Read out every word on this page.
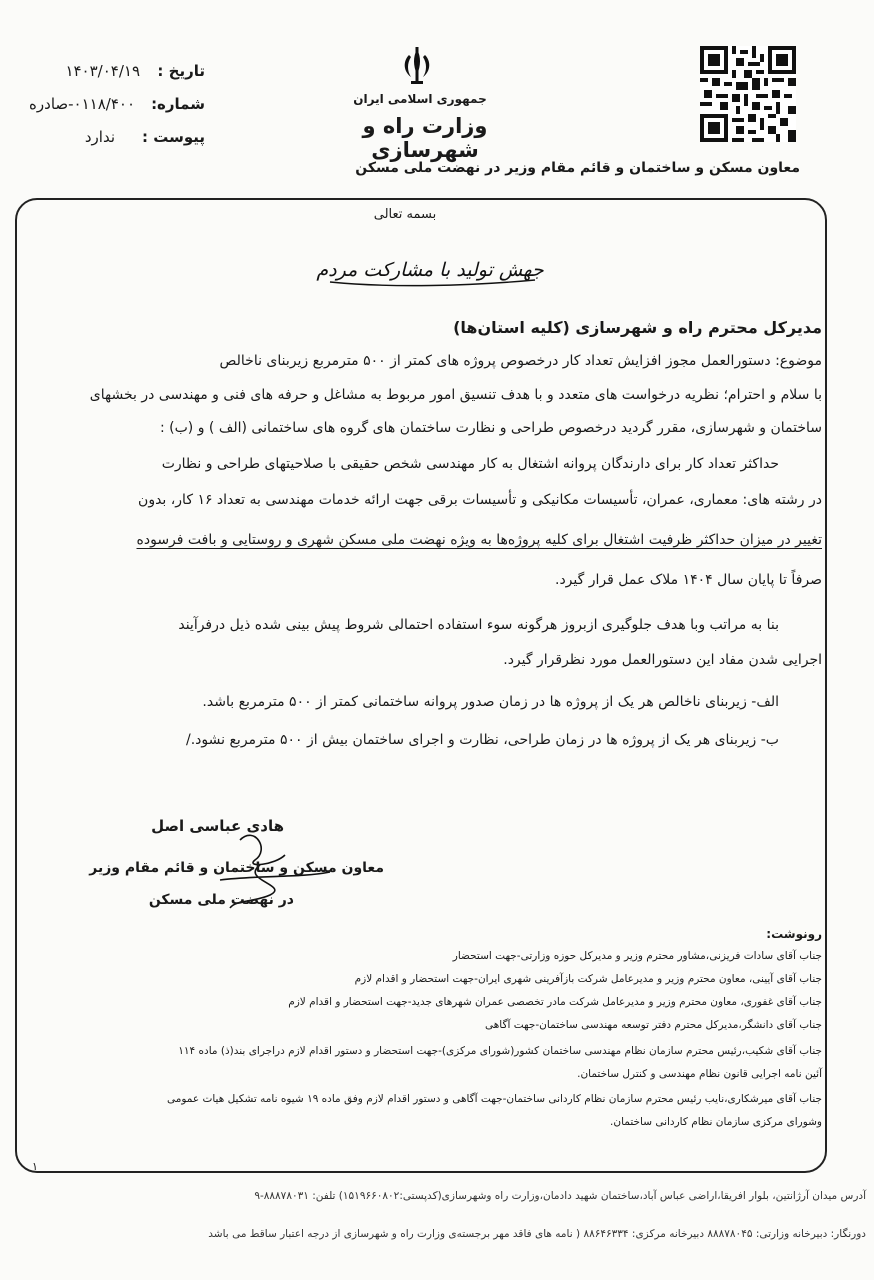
تاریخ :
۱۴۰۳/۰۴/۱۹
شماره:
۰۱۱۸/۴۰۰-صادره
پیوست :
ندارد
جمهوری اسلامی ایران
وزارت راه و شهرسازی
معاون مسکن و ساختمان و قائم مقام وزیر در نهضت ملی مسکن
بسمه تعالی
جهش تولید با مشارکت مردم
مدیرکل محترم راه و شهرسازی (کلیه استان‌ها)
موضوع: دستورالعمل مجوز افزایش تعداد کار درخصوص پروژه های کمتر از ۵۰۰ مترمربع زیربنای ناخالص
با سلام و احترام؛ نظریه درخواست های متعدد و با هدف تنسیق امور مربوط به مشاغل و حرفه های فنی و مهندسی در بخشهای
ساختمان و شهرسازی، مقرر گردید درخصوص طراحی و نظارت ساختمان های گروه های ساختمانی (الف ) و (ب) :
حداکثر تعداد کار برای دارندگان پروانه اشتغال به کار مهندسی شخص حقیقی با صلاحیتهای طراحی و نظارت
در رشته های: معماری، عمران، تأسیسات مکانیکی و تأسیسات برقی جهت ارائه خدمات مهندسی به تعداد ۱۶ کار، بدون
تغییر در میزان حداکثر ظرفیت اشتغال برای کلیه پروژه‌ها به ویژه نهضت ملی مسکن شهری و روستایی و بافت فرسوده
صرفاً تا پایان سال ۱۴۰۴ ملاک عمل قرار گیرد.
بنا به مراتب وبا هدف جلوگیری ازبروز هرگونه سوء استفاده احتمالی شروط پیش بینی شده ذیل درفرآیند
اجرایی شدن مفاد این دستورالعمل مورد نظرقرار گیرد.
الف- زیربنای ناخالص هر یک از پروژه ها در زمان صدور پروانه ساختمانی کمتر از ۵۰۰ مترمربع باشد.
ب- زیربنای هر یک از پروژه ها در زمان طراحی، نظارت و اجرای ساختمان بیش از ۵۰۰ مترمربع نشود./
هادی عباسی اصل
معاون مسکن و ساختمان و قائم مقام وزیر
در نهضت ملی مسکن
رونوشت:
جناب آقای سادات فریزنی،مشاور محترم وزیر و مدیرکل حوزه وزارتی-جهت استحضار
جناب آقای آیینی، معاون محترم وزیر و مدیرعامل شرکت بازآفرینی شهری ایران-جهت استحضار و اقدام لازم
جناب آقای غفوری، معاون محترم وزیر و مدیرعامل شرکت مادر تخصصی عمران شهرهای جدید-جهت استحضار و اقدام لازم
جناب آقای دانشگر،مدیرکل محترم دفتر توسعه مهندسی ساختمان-جهت آگاهی
جناب آقای شکیب،رئیس محترم سازمان نظام مهندسی ساختمان کشور(شورای مرکزی)-جهت استحضار و دستور اقدام لازم دراجرای بند(ذ) ماده ۱۱۴
آئین نامه اجرایی قانون نظام مهندسی و کنترل ساختمان.
جناب آقای میرشکاری،نایب رئیس محترم سازمان نظام کاردانی ساختمان-جهت آگاهی و دستور اقدام لازم وفق ماده ۱۹ شیوه نامه تشکیل هیات عمومی
وشورای مرکزی سازمان نظام کاردانی ساختمان.
۱
آدرس میدان آرژانتین، بلوار افریقا،اراضی عباس آباد،ساختمان شهید دادمان،وزارت راه وشهرسازی(کدپستی:۱۵۱۹۶۶۰۸۰۲) تلفن: ۸۸۸۷۸۰۳۱-۹
دورنگار: دبیرخانه وزارتی: ۸۸۸۷۸۰۴۵ دبیرخانه مرکزی: ۸۸۶۴۶۳۳۴ ( نامه های فاقد مهر برجسته‌ی وزارت راه و شهرسازی از درجه اعتبار ساقط می باشد
